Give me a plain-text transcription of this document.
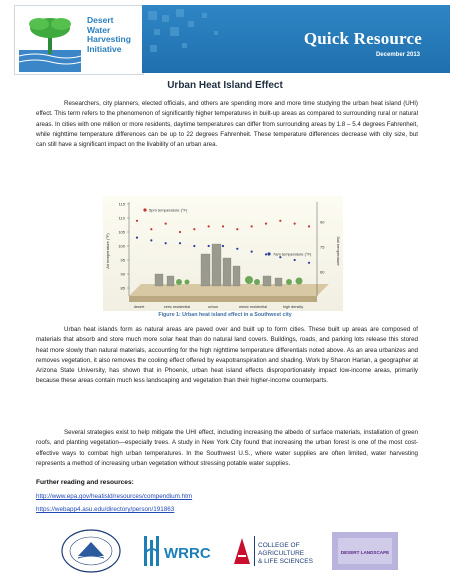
Desert
Water
Harvesting
Initiative
Quick Resource
December 2013
Urban Heat Island Effect

Researchers, city planners, elected officials, and others are spending more and more time studying the urban heat island (UHI) effect. This term refers to the phenomenon of significantly higher temperatures in built-up areas as compared to surrounding rural or natural areas. In cities with one million or more residents, daytime temperatures can differ from surrounding areas by 1.8 – 5.4 degrees Fahrenheit, while nighttime temperature differences can be up to 22 degrees Fahrenheit. These temperature differences decrease with city size, but can still have a significant impact on the livability of an urban area.

115
110
105
100
95
90
85
90
75
60
Air temperature (°F)	Soil temperature
desert	xeric residential	urban	mesic residential	high density
5pm temperature (°F)
7am temperature (°F)
Figure 1: Urban heat island effect in a Southwest city

Urban heat islands form as natural areas are paved over and built up to form cities. These built up areas are composed of materials that absorb and store much more solar heat than do natural land covers. Buildings, roads, and parking lots release this stored heat more slowly than natural materials, accounting for the high nighttime temperature differentials noted above. As an area urbanizes and removes vegetation, it also removes the cooling effect offered by evapotranspiration and shading. Work by Sharon Harlan, a geographer at Arizona State University, has shown that in Phoenix, urban heat island effects disproportionately impact low-income areas, primarily because these areas contain much less landscaping and vegetation than their higher-income counterparts.

Several strategies exist to help mitigate the UHI effect, including increasing the albedo of surface materials, installation of green roofs, and planting vegetation—especially trees. A study in New York City found that increasing the urban forest is one of the most cost-effective ways to combat high urban temperatures. In the Southwest U.S., where water supplies are often limited, water harvesting represents a method of increasing urban vegetation without stressing potable water supplies.

Further reading and resources:
http://www.epa.gov/heatisld/resources/compendium.htm
https://webapp4.asu.edu/directory/person/191863
WRRC	COLLEGE OF
AGRICULTURE
& LIFE SCIENCES
DESERT LANDSCAPE
